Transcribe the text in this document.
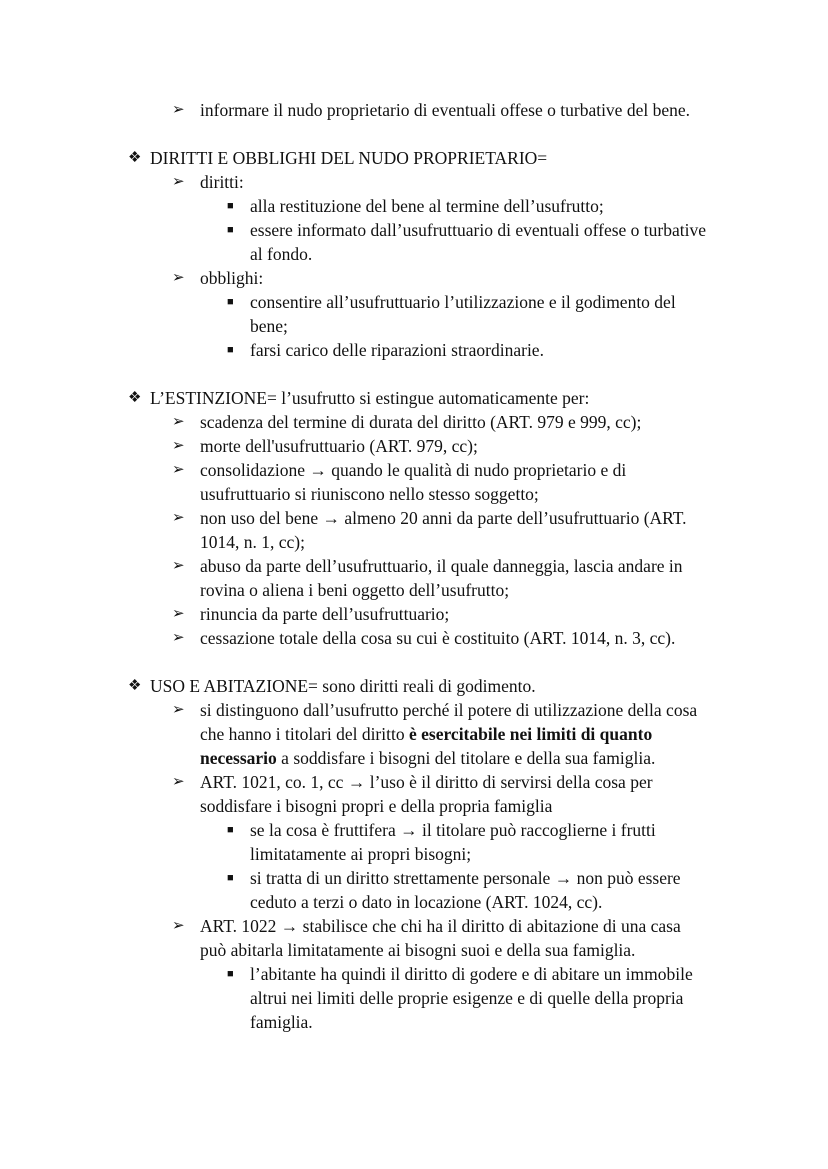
➢ informare il nudo proprietario di eventuali offese o turbative del bene.
❖ DIRITTI E OBBLIGHI DEL NUDO PROPRIETARIO=
➢ diritti:
■ alla restituzione del bene al termine dell’usufrutto;
■ essere informato dall’usufruttuario di eventuali offese o turbative
al fondo.
➢ obblighi:
■ consentire all’usufruttuario l’utilizzazione e il godimento del
bene;
■ farsi carico delle riparazioni straordinarie.
❖ L’ESTINZIONE= l’usufrutto si estingue automaticamente per:
➢ scadenza del termine di durata del diritto (ART. 979 e 999, cc);
➢ morte dell'usufruttuario (ART. 979, cc);
➢ consolidazione → quando le qualità di nudo proprietario e di
usufruttuario si riuniscono nello stesso soggetto;
➢ non uso del bene → almeno 20 anni da parte dell’usufruttuario (ART.
1014, n. 1, cc);
➢ abuso da parte dell’usufruttuario, il quale danneggia, lascia andare in
rovina o aliena i beni oggetto dell’usufrutto;
➢ rinuncia da parte dell’usufruttuario;
➢ cessazione totale della cosa su cui è costituito (ART. 1014, n. 3, cc).
❖ USO E ABITAZIONE= sono diritti reali di godimento.
➢ si distinguono dall’usufrutto perché il potere di utilizzazione della cosa
che hanno i titolari del diritto è esercitabile nei limiti di quanto
necessario a soddisfare i bisogni del titolare e della sua famiglia.
➢ ART. 1021, co. 1, cc → l’uso è il diritto di servirsi della cosa per
soddisfare i bisogni propri e della propria famiglia
■ se la cosa è fruttifera → il titolare può raccoglierne i frutti
limitatamente ai propri bisogni;
■ si tratta di un diritto strettamente personale → non può essere
ceduto a terzi o dato in locazione (ART. 1024, cc).
➢ ART. 1022 → stabilisce che chi ha il diritto di abitazione di una casa
può abitarla limitatamente ai bisogni suoi e della sua famiglia.
■ l’abitante ha quindi il diritto di godere e di abitare un immobile
altrui nei limiti delle proprie esigenze e di quelle della propria
famiglia.
